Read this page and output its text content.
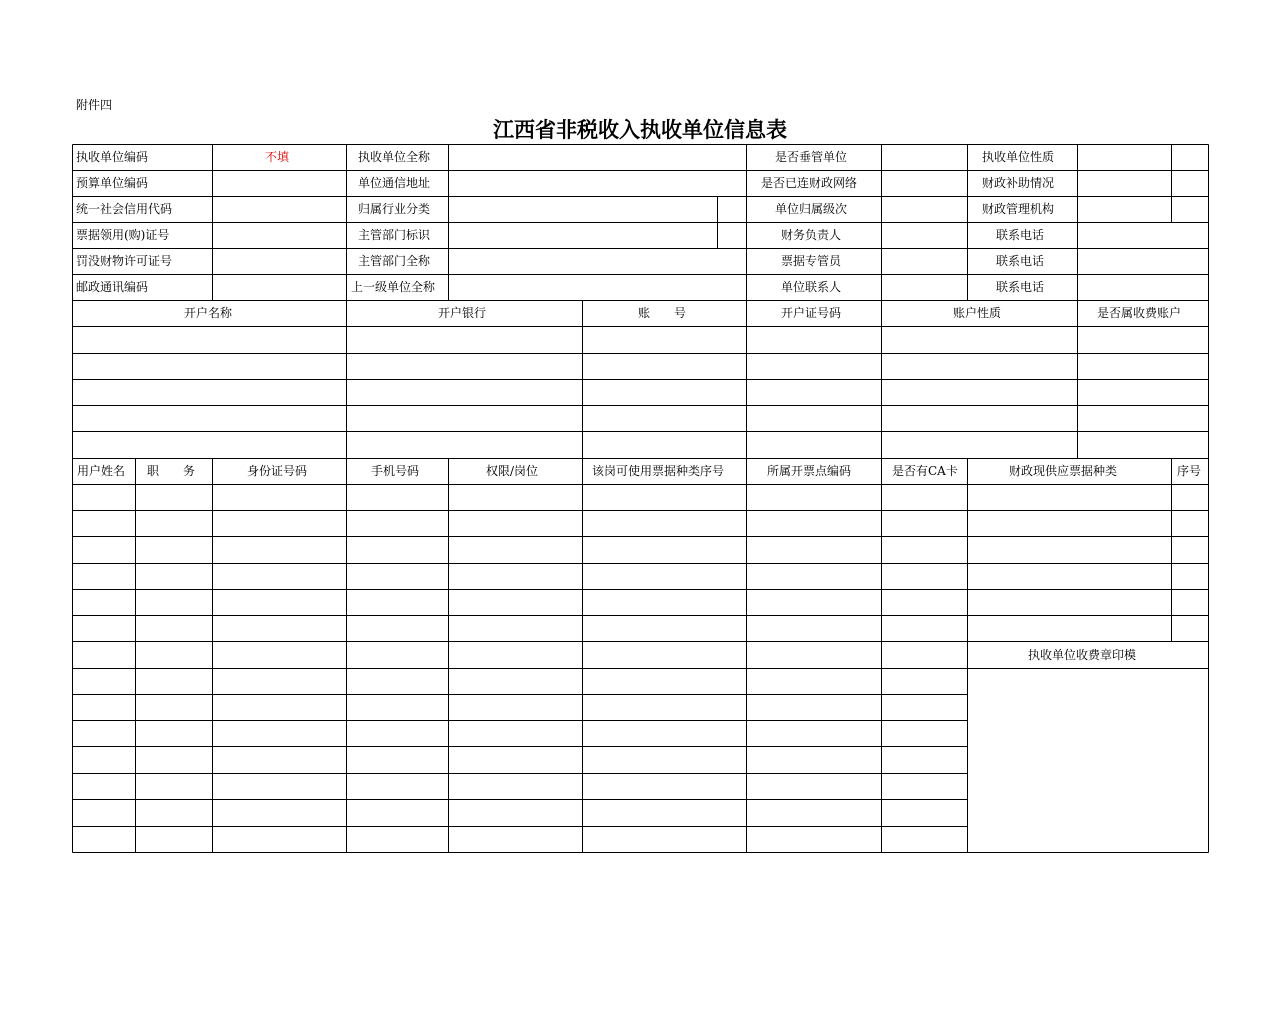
附件四
江西省非税收入执收单位信息表
执收单位编码	不填	执收单位全称	是否垂管单位	执收单位性质
预算单位编码	单位通信地址	是否已连财政网络	财政补助情况
统一社会信用代码	归属行业分类	单位归属级次	财政管理机构
票据领用(购)证号	主管部门标识	财务负责人	联系电话
罚没财物许可证号	主管部门全称	票据专管员	联系电话
邮政通讯编码	上一级单位全称	单位联系人	联系电话
开户名称	开户银行	账　　号	开户证号码	账户性质	是否属收费账户
用户姓名 职　　务	身份证号码	手机号码	权限/岗位	该岗可使用票据种类序号	所属开票点编码	是否有CA卡	财政现供应票据种类	序号
执收单位收费章印模
